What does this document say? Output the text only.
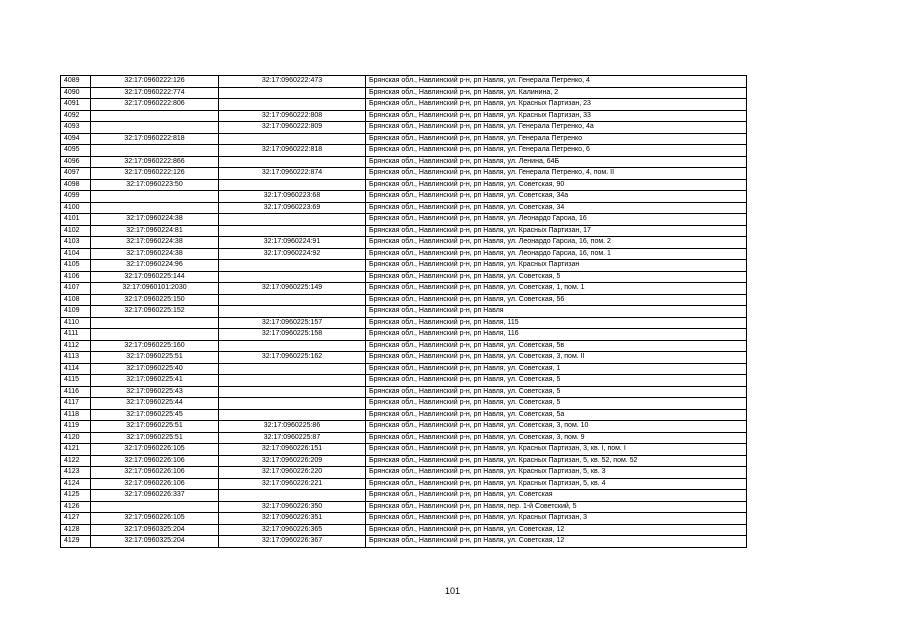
4089	32:17:0960222:126	32:17:0960222:473	Брянская обл., Навлинский р-н, рп Навля, ул. Генерала Петренко, 4
4090	32:17:0960222:774		Брянская обл., Навлинский р-н, рп Навля, ул. Калинина, 2
4091	32:17:0960222:806		Брянская обл., Навлинский р-н, рп Навля, ул. Красных Партизан, 23
4092		32:17:0960222:808	Брянская обл., Навлинский р-н, рп Навля, ул. Красных Партизан, 33
4093		32:17:0960222:809	Брянская обл., Навлинский р-н, рп Навля, ул. Генерала Петренко, 4а
4094	32:17:0960222:818		Брянская обл., Навлинский р-н, рп Навля, ул. Генерала Петренко
4095		32:17:0960222:818	Брянская обл., Навлинский р-н, рп Навля, ул. Генерала Петренко, 6
4096	32:17:0960222:866		Брянская обл., Навлинский р-н, рп Навля, ул. Ленина, 64Б
4097	32:17:0960222:126	32:17:0960222:874	Брянская обл., Навлинский р-н, рп Навля, ул. Генерала Петренко, 4, пом. II
4098	32:17:0960223:50		Брянская обл., Навлинский р-н, рп Навля, ул. Советская, 90
4099		32:17:0960223:68	Брянская обл., Навлинский р-н, рп Навля, ул. Советская, 34а
4100		32:17:0960223:69	Брянская обл., Навлинский р-н, рп Навля, ул. Советская, 34
4101	32:17:0960224:38		Брянская обл., Навлинский р-н, рп Навля, ул. Леонардо Гарсиа, 16
4102	32:17:0960224:81		Брянская обл., Навлинский р-н, рп Навля, ул. Красных Партизан, 17
4103	32:17:0960224:38	32:17:0960224:91	Брянская обл., Навлинский р-н, рп Навля, ул. Леонардо Гарсиа, 16, пом. 2
4104	32:17:0960224:38	32:17:0960224:92	Брянская обл., Навлинский р-н, рп Навля, ул. Леонардо Гарсиа, 16, пом. 1
4105	32:17:0960224:96		Брянская обл., Навлинский р-н, рп Навля, ул. Красных Партизан
4106	32:17:0960225:144		Брянская обл., Навлинский р-н, рп Навля, ул. Советская, 5
4107	32:17:0960101:2030	32:17:0960225:149	Брянская обл., Навлинский р-н, рп Навля, ул. Советская, 1, пом. 1
4108	32:17:0960225:150		Брянская обл., Навлинский р-н, рп Навля, ул. Советская, 56
4109	32:17:0960225:152		Брянская обл., Навлинский р-н, рп Навля
4110		32:17:0960225:157	Брянская обл., Навлинский р-н, рп Навля, 115
4111		32:17:0960225:158	Брянская обл., Навлинский р-н, рп Навля, 116
4112	32:17:0960225:160		Брянская обл., Навлинский р-н, рп Навля, ул. Советская, 5в
4113	32:17:0960225:51	32:17:0960225:162	Брянская обл., Навлинский р-н, рп Навля, ул. Советская, 3, пом. II
4114	32:17:0960225:40		Брянская обл., Навлинский р-н, рп Навля, ул. Советская, 1
4115	32:17:0960225:41		Брянская обл., Навлинский р-н, рп Навля, ул. Советская, 5
4116	32:17:0960225:43		Брянская обл., Навлинский р-н, рп Навля, ул. Советская, 5
4117	32:17:0960225:44		Брянская обл., Навлинский р-н, рп Навля, ул. Советская, 5
4118	32:17:0960225:45		Брянская обл., Навлинский р-н, рп Навля, ул. Советская, 5а
4119	32:17:0960225:51	32:17:0960225:86	Брянская обл., Навлинский р-н, рп Навля, ул. Советская, 3, пом. 10
4120	32:17:0960225:51	32:17:0960225:87	Брянская обл., Навлинский р-н, рп Навля, ул. Советская, 3, пом. 9
4121	32:17:0960226:105	32:17:0960226:151	Брянская обл., Навлинский р-н, рп Навля, ул. Красных Партизан, 3, кв. I, пом. I
4122	32:17:0960226:106	32:17:0960226:209	Брянская обл., Навлинский р-н, рп Навля, ул. Красных Партизан, 5, кв. 52, пом. 52
4123	32:17:0960226:106	32:17:0960226:220	Брянская обл., Навлинский р-н, рп Навля, ул. Красных Партизан, 5, кв. 3
4124	32:17:0960226:106	32:17:0960226:221	Брянская обл., Навлинский р-н, рп Навля, ул. Красных Партизан, 5, кв. 4
4125	32:17:0960226:337		Брянская обл., Навлинский р-н, рп Навля, ул. Советская
4126		32:17:0960226:350	Брянская обл., Навлинский р-н, рп Навля, пер. 1-й Советский, 5
4127	32:17:0960226:105	32:17:0960226:351	Брянская обл., Навлинский р-н, рп Навля, ул. Красных Партизан, 3
4128	32:17:0960325:204	32:17:0960226:365	Брянская обл., Навлинский р-н, рп Навля, ул. Советская, 12
4129	32:17:0960325:204	32:17:0960226:367	Брянская обл., Навлинский р-н, рп Навля, ул. Советская, 12
101
